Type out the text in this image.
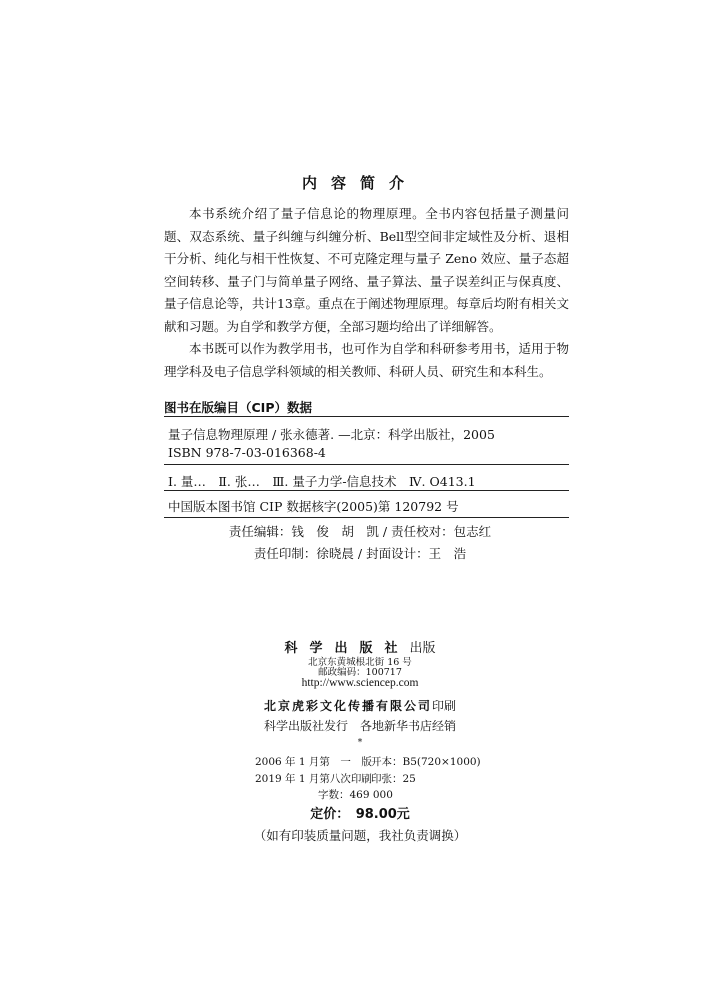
内容简介

本书系统介绍了量子信息论的物理原理。全书内容包括量子测量问题、双态系统、量子纠缠与纠缠分析、Bell型空间非定域性及分析、退相干分析、纯化与相干性恢复、不可克隆定理与量子 Zeno 效应、量子态超空间转移、量子门与简单量子网络、量子算法、量子误差纠正与保真度、量子信息论等，共计13章。重点在于阐述物理原理。每章后均附有相关文献和习题。为自学和教学方便，全部习题均给出了详细解答。

本书既可以作为教学用书，也可作为自学和科研参考用书，适用于物理学科及电子信息学科领域的相关教师、科研人员、研究生和本科生。

图书在版编目（CIP）数据
量子信息物理原理 / 张永德著. —北京：科学出版社，2005
ISBN 978-7-03-016368-4
Ⅰ. 量…　Ⅱ. 张…　Ⅲ. 量子力学-信息技术　Ⅳ. O413.1
中国版本图书馆 CIP 数据核字(2005)第 120792 号
责任编辑：钱　俊　胡　凯 / 责任校对：包志红
责任印制：徐晓晨 / 封面设计：王　浩
科学出版社出版
北京东黄城根北街 16 号
邮政编码：100717
http://www.sciencep.com
北京虎彩文化传播有限公司印刷
科学出版社发行　各地新华书店经销
*
2006 年 1 月第　一　版 开本：B5(720×1000)
2019 年 1 月第八次印刷 印张：25
字数：469 000
定价：　98.00元
（如有印装质量问题，我社负责调换）
